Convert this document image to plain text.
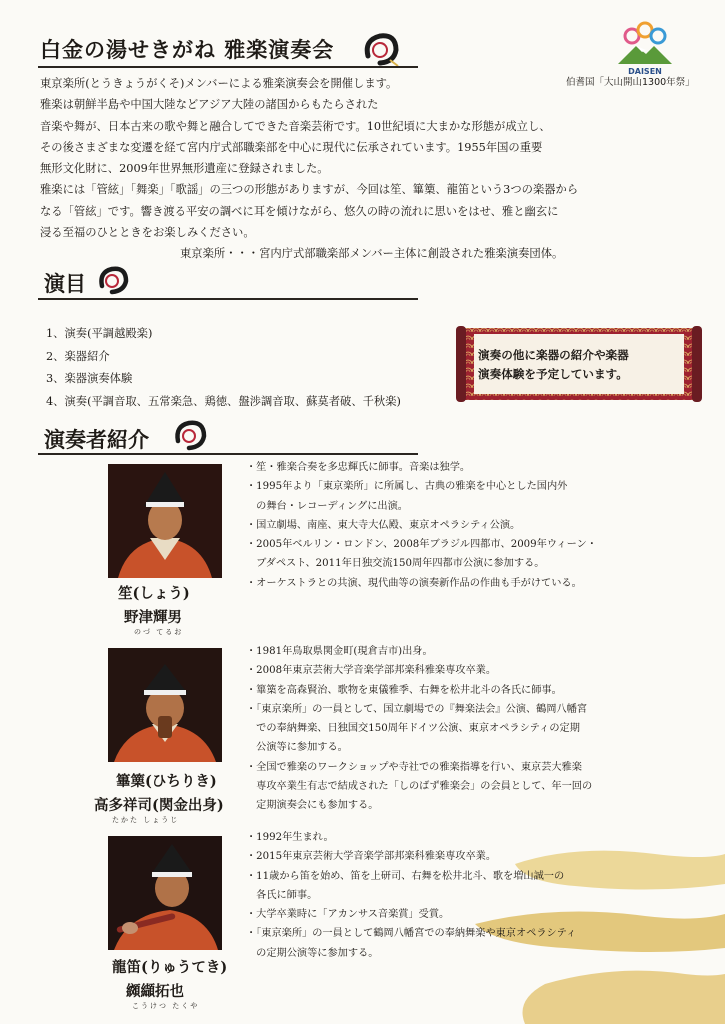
白金の湯せきがね 雅楽演奏会
DAISEN
伯耆国「大山開山1300年祭」

東京楽所(とうきょうがくそ)メンバーによる雅楽演奏会を開催します。

雅楽は朝鮮半島や中国大陸などアジア大陸の諸国からもたらされた

音楽や舞が、日本古来の歌や舞と融合してできた音楽芸術です。10世紀頃に大まかな形態が成立し、

その後さまざまな変遷を経て宮内庁式部職楽部を中心に現代に伝承されています。1955年国の重要

無形文化財に、2009年世界無形遺産に登録されました。

雅楽には「管絃」「舞楽」「歌謡」の三つの形態がありますが、今回は笙、篳篥、龍笛という3つの楽器から

なる「管絃」です。響き渡る平安の調べに耳を傾けながら、悠久の時の流れに思いをはせ、雅と幽玄に

浸る至福のひとときをお楽しみください。

東京楽所・・・宮内庁式部職楽部メンバー主体に創設された雅楽演奏団体。

演目
1、演奏(平調越殿楽)
2、楽器紹介
3、楽器演奏体験
4、演奏(平調音取、五常楽急、鶏徳、盤渉調音取、蘇莫者破、千秋楽)
演奏の他に楽器の紹介や楽器
演奏体験を予定しています。
演奏者紹介
笙(しょう)
野津輝男
のづ てるお
・笙・雅楽合奏を多忠輝氏に師事。音楽は独学。
・1995年より「東京楽所」に所属し、古典の雅楽を中心とした国内外
　の舞台・レコーディングに出演。
・国立劇場、南座、東大寺大仏殿、東京オペラシティ公演。
・2005年ベルリン・ロンドン、2008年ブラジル四都市、2009年ウィーン・
　ブダペスト、2011年日独交流150周年四都市公演に参加する。
・オーケストラとの共演、現代曲等の演奏新作品の作曲も手がけている。
篳篥(ひちりき)
高多祥司(関金出身)
たかた しょうじ
・1981年鳥取県関金町(現倉吉市)出身。
・2008年東京芸術大学音楽学部邦楽科雅楽専攻卒業。
・篳篥を高森賢治、歌物を東儀雅季、右舞を松井北斗の各氏に師事。
・「東京楽所」の一員として、国立劇場での『舞楽法会』公演、鶴岡八幡宮
　での奉納舞楽、日独国交150周年ドイツ公演、東京オペラシティの定期
　公演等に参加する。
・全国で雅楽のワークショップや寺社での雅楽指導を行い、東京芸大雅楽
　専攻卒業生有志で結成された「しのばず雅楽会」の会員として、年一回の
　定期演奏会にも参加する。
龍笛(りゅうてき)
纐纈拓也
こうけつ たくや
・1992年生まれ。
・2015年東京芸術大学音楽学部邦楽科雅楽専攻卒業。
・11歳から笛を始め、笛を上研司、右舞を松井北斗、歌を増山誠一の
　各氏に師事。
・大学卒業時に「アカンサス音楽賞」受賞。
・「東京楽所」の一員として鶴岡八幡宮での奉納舞楽や東京オペラシティ
　の定期公演等に参加する。
